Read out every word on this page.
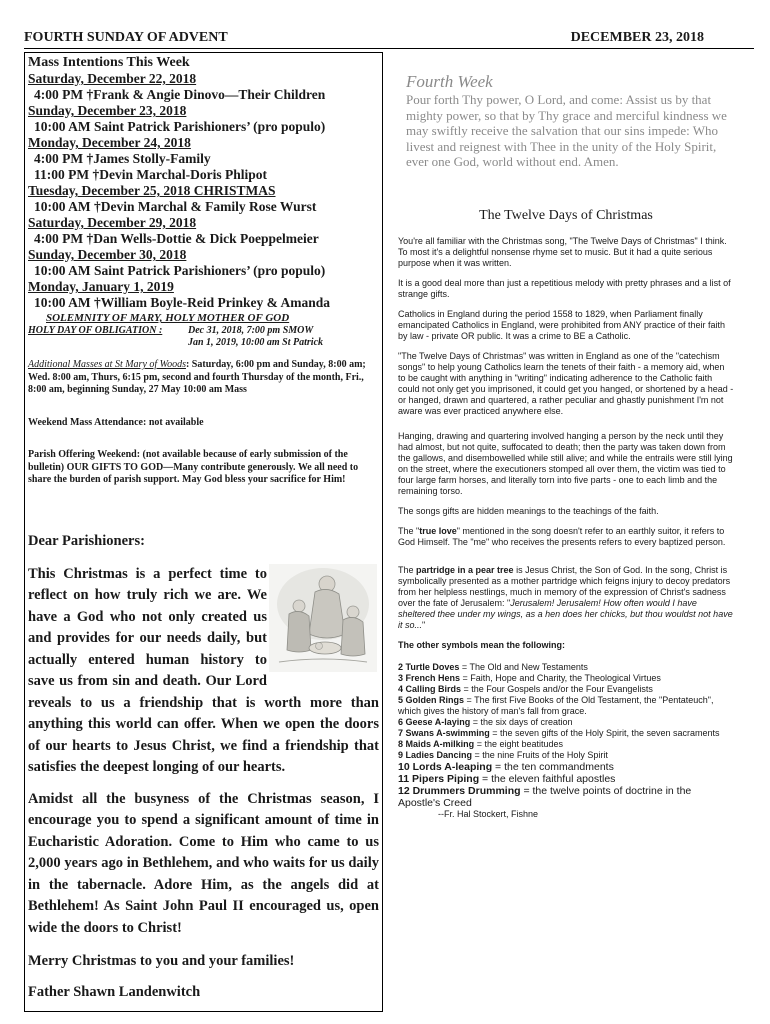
FOURTH SUNDAY OF ADVENT	DECEMBER 23, 2018
Mass Intentions This Week
Saturday, December 22, 2018
4:00 PM †Frank & Angie Dinovo—Their Children
Sunday, December 23, 2018
10:00 AM Saint Patrick Parishioners’ (pro populo)
Monday, December 24, 2018
4:00 PM †James Stolly-Family
11:00 PM †Devin Marchal-Doris Phlipot
Tuesday, December 25, 2018 CHRISTMAS
10:00 AM †Devin Marchal & Family Rose Wurst
Saturday, December 29, 2018
4:00 PM †Dan Wells-Dottie & Dick Poeppelmeier
Sunday, December 30, 2018
10:00 AM Saint Patrick Parishioners’ (pro populo)
Monday, January 1, 2019
10:00 AM †William Boyle-Reid Prinkey & Amanda
SOLEMNITY OF MARY, HOLY MOTHER OF GOD
HOLY DAY OF OBLIGATION :	Dec 31, 2018, 7:00 pm SMOW
Jan 1, 2019, 10:00 am St Patrick
Additional Masses at St Mary of Woods: Saturday, 6:00 pm and Sunday, 8:00 am; Wed. 8:00 am, Thurs, 6:15 pm, second and fourth Thursday of the month, Fri., 8:00 am, beginning Sunday, 27 May 10:00 am Mass
Weekend Mass Attendance: not available
Parish Offering Weekend: (not available because of early submission of the bulletin) OUR GIFTS TO GOD—Many contribute generously. We all need to share the burden of parish support. May God bless your sacrifice for Him!
Dear Parishioners:

This Christmas is a perfect time to reflect on how truly rich we are. We have a God who not only created us and provides for our needs daily, but actually entered human history to save us from sin and death. Our Lord reveals to us a friendship that is worth more than anything this world can offer. When we open the doors of our hearts to Jesus Christ, we find a friendship that satisfies the deepest longing of our hearts.

Amidst all the busyness of the Christmas season, I encourage you to spend a significant amount of time in Eucharistic Adoration. Come to Him who came to us 2,000 years ago in Bethlehem, and who waits for us daily in the tabernacle. Adore Him, as the angels did at Bethlehem! As Saint John Paul II encouraged us, open wide the doors to Christ!

Merry Christmas to you and your families!
Father Shawn Landenwitch
Fourth Week
Pour forth Thy power, O Lord, and come: Assist us by that mighty power, so that by Thy grace and merciful kindness we may swiftly receive the salvation that our sins impede: Who livest and reignest with Thee in the unity of the Holy Spirit, ever one God, world without end. Amen.
The Twelve Days of Christmas

You're all familiar with the Christmas song, "The Twelve Days of Christmas" I think. To most it's a delightful nonsense rhyme set to music. But it had a quite serious purpose when it was written.

It is a good deal more than just a repetitious melody with pretty phrases and a list of strange gifts.

Catholics in England during the period 1558 to 1829, when Parliament finally emancipated Catholics in England, were prohibited from ANY practice of their faith by law - private OR public. It was a crime to BE a Catholic.

"The Twelve Days of Christmas" was written in England as one of the "catechism songs" to help young Catholics learn the tenets of their faith - a memory aid, when to be caught with anything in "writing" indicating adherence to the Catholic faith could not only get you imprisoned, it could get you hanged, or shortened by a head - or hanged, drawn and quartered, a rather peculiar and ghastly punishment I'm not aware was ever practiced anywhere else.

Hanging, drawing and quartering involved hanging a person by the neck until they had almost, but not quite, suffocated to death; then the party was taken down from the gallows, and disembowelled while still alive; and while the entrails were still lying on the street, where the executioners stomped all over them, the victim was tied to four large farm horses, and literally torn into five parts - one to each limb and the remaining torso.

The songs gifts are hidden meanings to the teachings of the faith.

The "true love" mentioned in the song doesn't refer to an earthly suitor, it refers to God Himself. The "me" who receives the presents refers to every baptized person.

The partridge in a pear tree is Jesus Christ, the Son of God. In the song, Christ is symbolically presented as a mother partridge which feigns injury to decoy predators from her helpless nestlings, much in memory of the expression of Christ's sadness over the fate of Jerusalem: "Jerusalem! Jerusalem! How often would I have sheltered thee under my wings, as a hen does her chicks, but thou wouldst not have it so..."

The other symbols mean the following:

2 Turtle Doves = The Old and New Testaments
3 French Hens = Faith, Hope and Charity, the Theological Virtues
4 Calling Birds = the Four Gospels and/or the Four Evangelists
5 Golden Rings = The first Five Books of the Old Testament, the "Pentateuch", which gives the history of man's fall from grace.
6 Geese A-laying = the six days of creation
7 Swans A-swimming = the seven gifts of the Holy Spirit, the seven sacraments
8 Maids A-milking = the eight beatitudes
9 Ladies Dancing = the nine Fruits of the Holy Spirit
10 Lords A-leaping = the ten commandments
11 Pipers Piping = the eleven faithful apostles
12 Drummers Drumming = the twelve points of doctrine in the Apostle's Creed
--Fr. Hal Stockert, Fishne
